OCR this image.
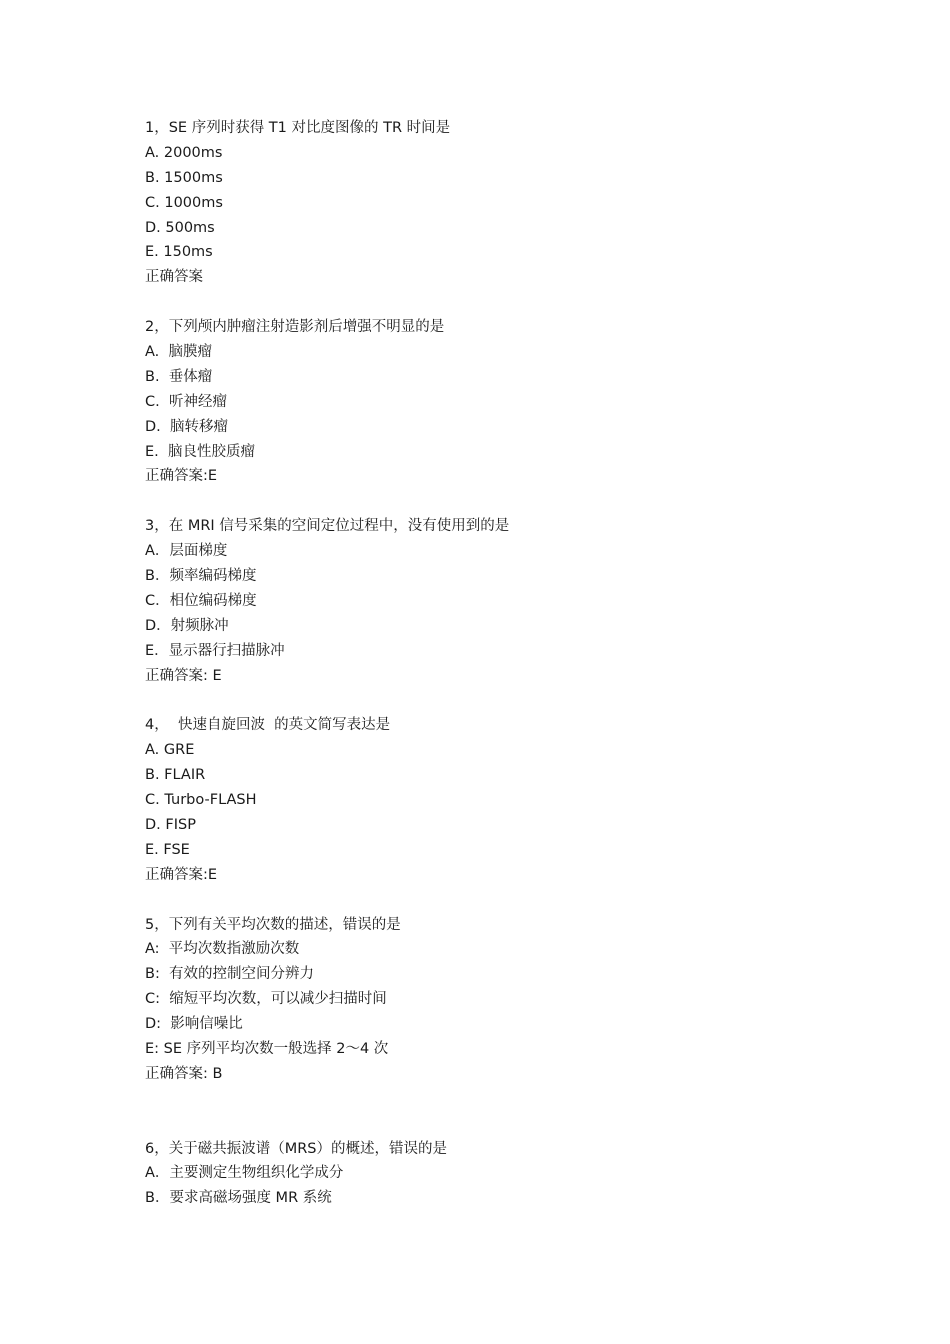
1，SE 序列时获得 T1 对比度图像的 TR 时间是
A. 2000ms
B. 1500ms
C. 1000ms
D. 500ms
E. 150ms
正确答案
2，下列颅内肿瘤注射造影剂后增强不明显的是
A.  脑膜瘤
B.  垂体瘤
C.  听神经瘤
D.  脑转移瘤
E.  脑良性胶质瘤
正确答案:E
3，在 MRI 信号采集的空间定位过程中，没有使用到的是
A．层面梯度
B．频率编码梯度
C．相位编码梯度
D．射频脉冲
E．显示器行扫描脉冲
正确答案: E
4，  快速自旋回波  的英文简写表达是
A. GRE
B. FLAIR
C. Turbo-FLASH
D. FISP
E. FSE
正确答案:E
5，下列有关平均次数的描述，错误的是
A:  平均次数指激励次数
B:  有效的控制空间分辨力
C:  缩短平均次数，可以减少扫描时间
D:  影响信噪比
E: SE 序列平均次数一般选择 2～4 次
正确答案: B
6，关于磁共振波谱（MRS）的概述，错误的是
A．主要测定生物组织化学成分
B．要求高磁场强度 MR 系统
